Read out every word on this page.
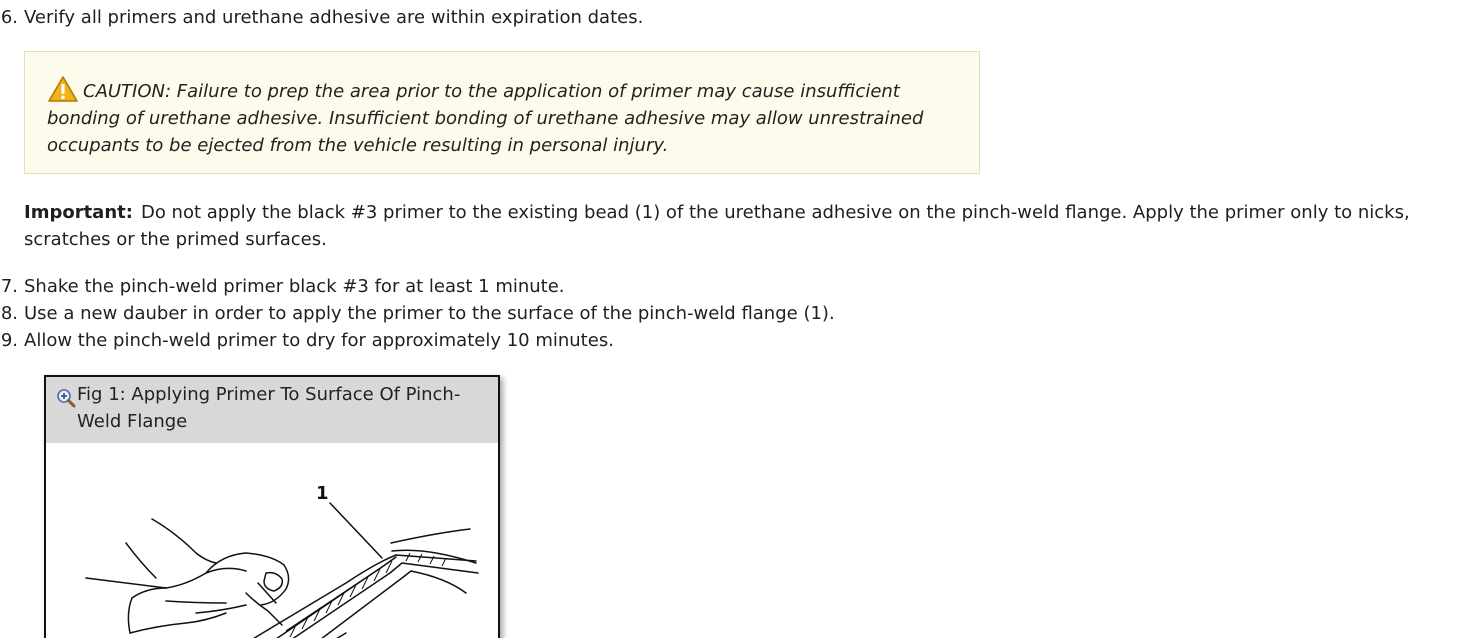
6. Verify all primers and urethane adhesive are within expiration dates.
CAUTION: Failure to prep the area prior to the application of primer may cause insufficient bonding of urethane adhesive. Insufficient bonding of urethane adhesive may allow unrestrained occupants to be ejected from the vehicle resulting in personal injury.
Important: Do not apply the black #3 primer to the existing bead (1) of the urethane adhesive on the pinch-weld flange. Apply the primer only to nicks, scratches or the primed surfaces.
7. Shake the pinch-weld primer black #3 for at least 1 minute.
8. Use a new dauber in order to apply the primer to the surface of the pinch-weld flange (1).
9. Allow the pinch-weld primer to dry for approximately 10 minutes.
Fig 1: Applying Primer To Surface Of Pinch-Weld Flange
1
